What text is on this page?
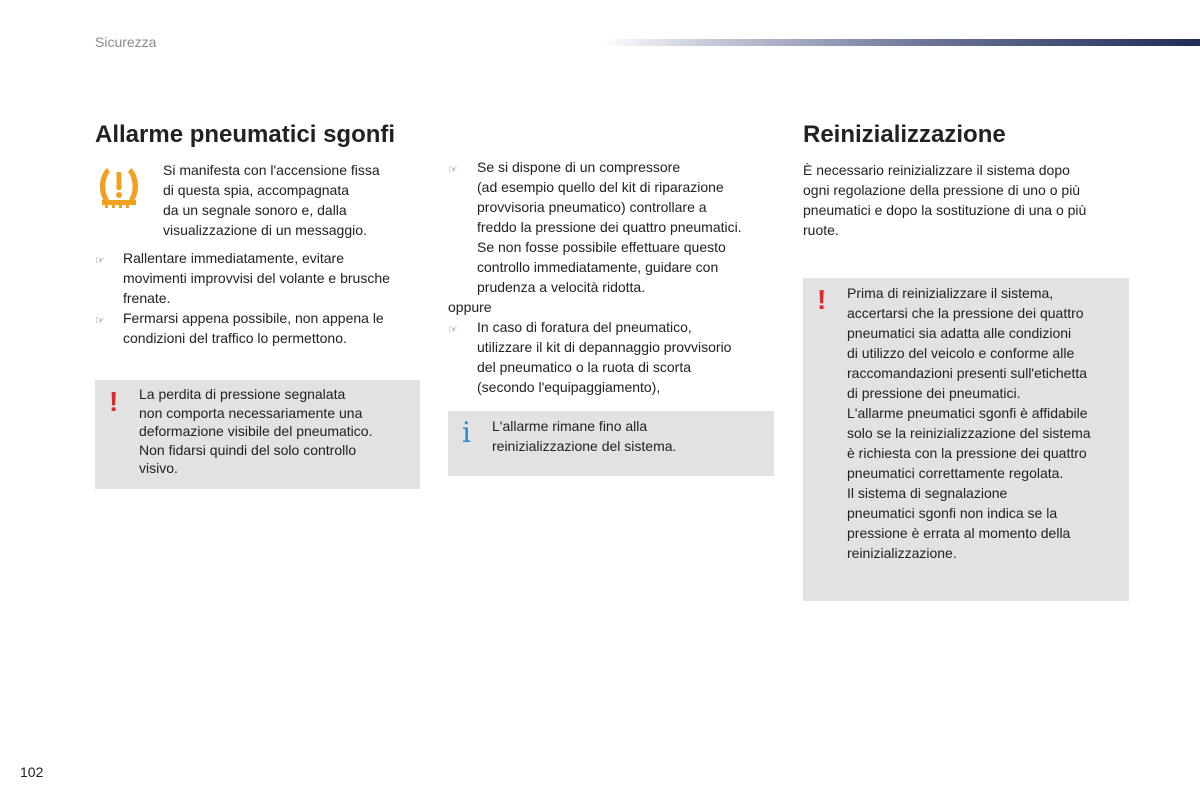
Sicurezza
Allarme pneumatici sgonfi
Si manifesta con l'accensione fissa
di questa spia, accompagnata
da un segnale sonoro e, dalla
visualizzazione di un messaggio.
☞ Rallentare immediatamente, evitare
movimenti improvvisi del volante e brusche
frenate.
☞ Fermarsi appena possibile, non appena le
condizioni del traffico lo permettono.
! La perdita di pressione segnalata
non comporta necessariamente una
deformazione visibile del pneumatico.
Non fidarsi quindi del solo controllo
visivo.
☞ Se si dispone di un compressore
(ad esempio quello del kit di riparazione
provvisoria pneumatico) controllare a
freddo la pressione dei quattro pneumatici.
Se non fosse possibile effettuare questo
controllo immediatamente, guidare con
prudenza a velocità ridotta.

oppure

☞ In caso di foratura del pneumatico,
utilizzare il kit di depannaggio provvisorio
del pneumatico o la ruota di scorta
(secondo l'equipaggiamento),
i L'allarme rimane fino alla
reinizializzazione del sistema.
Reinizializzazione
È necessario reinizializzare il sistema dopo
ogni regolazione della pressione di uno o più
pneumatici e dopo la sostituzione di una o più
ruote.
! Prima di reinizializzare il sistema,
accertarsi che la pressione dei quattro
pneumatici sia adatta alle condizioni
di utilizzo del veicolo e conforme alle
raccomandazioni presenti sull'etichetta
di pressione dei pneumatici.
L'allarme pneumatici sgonfi è affidabile
solo se la reinizializzazione del sistema
è richiesta con la pressione dei quattro
pneumatici correttamente regolata.
Il sistema di segnalazione
pneumatici sgonfi non indica se la
pressione è errata al momento della
reinizializzazione.
102
